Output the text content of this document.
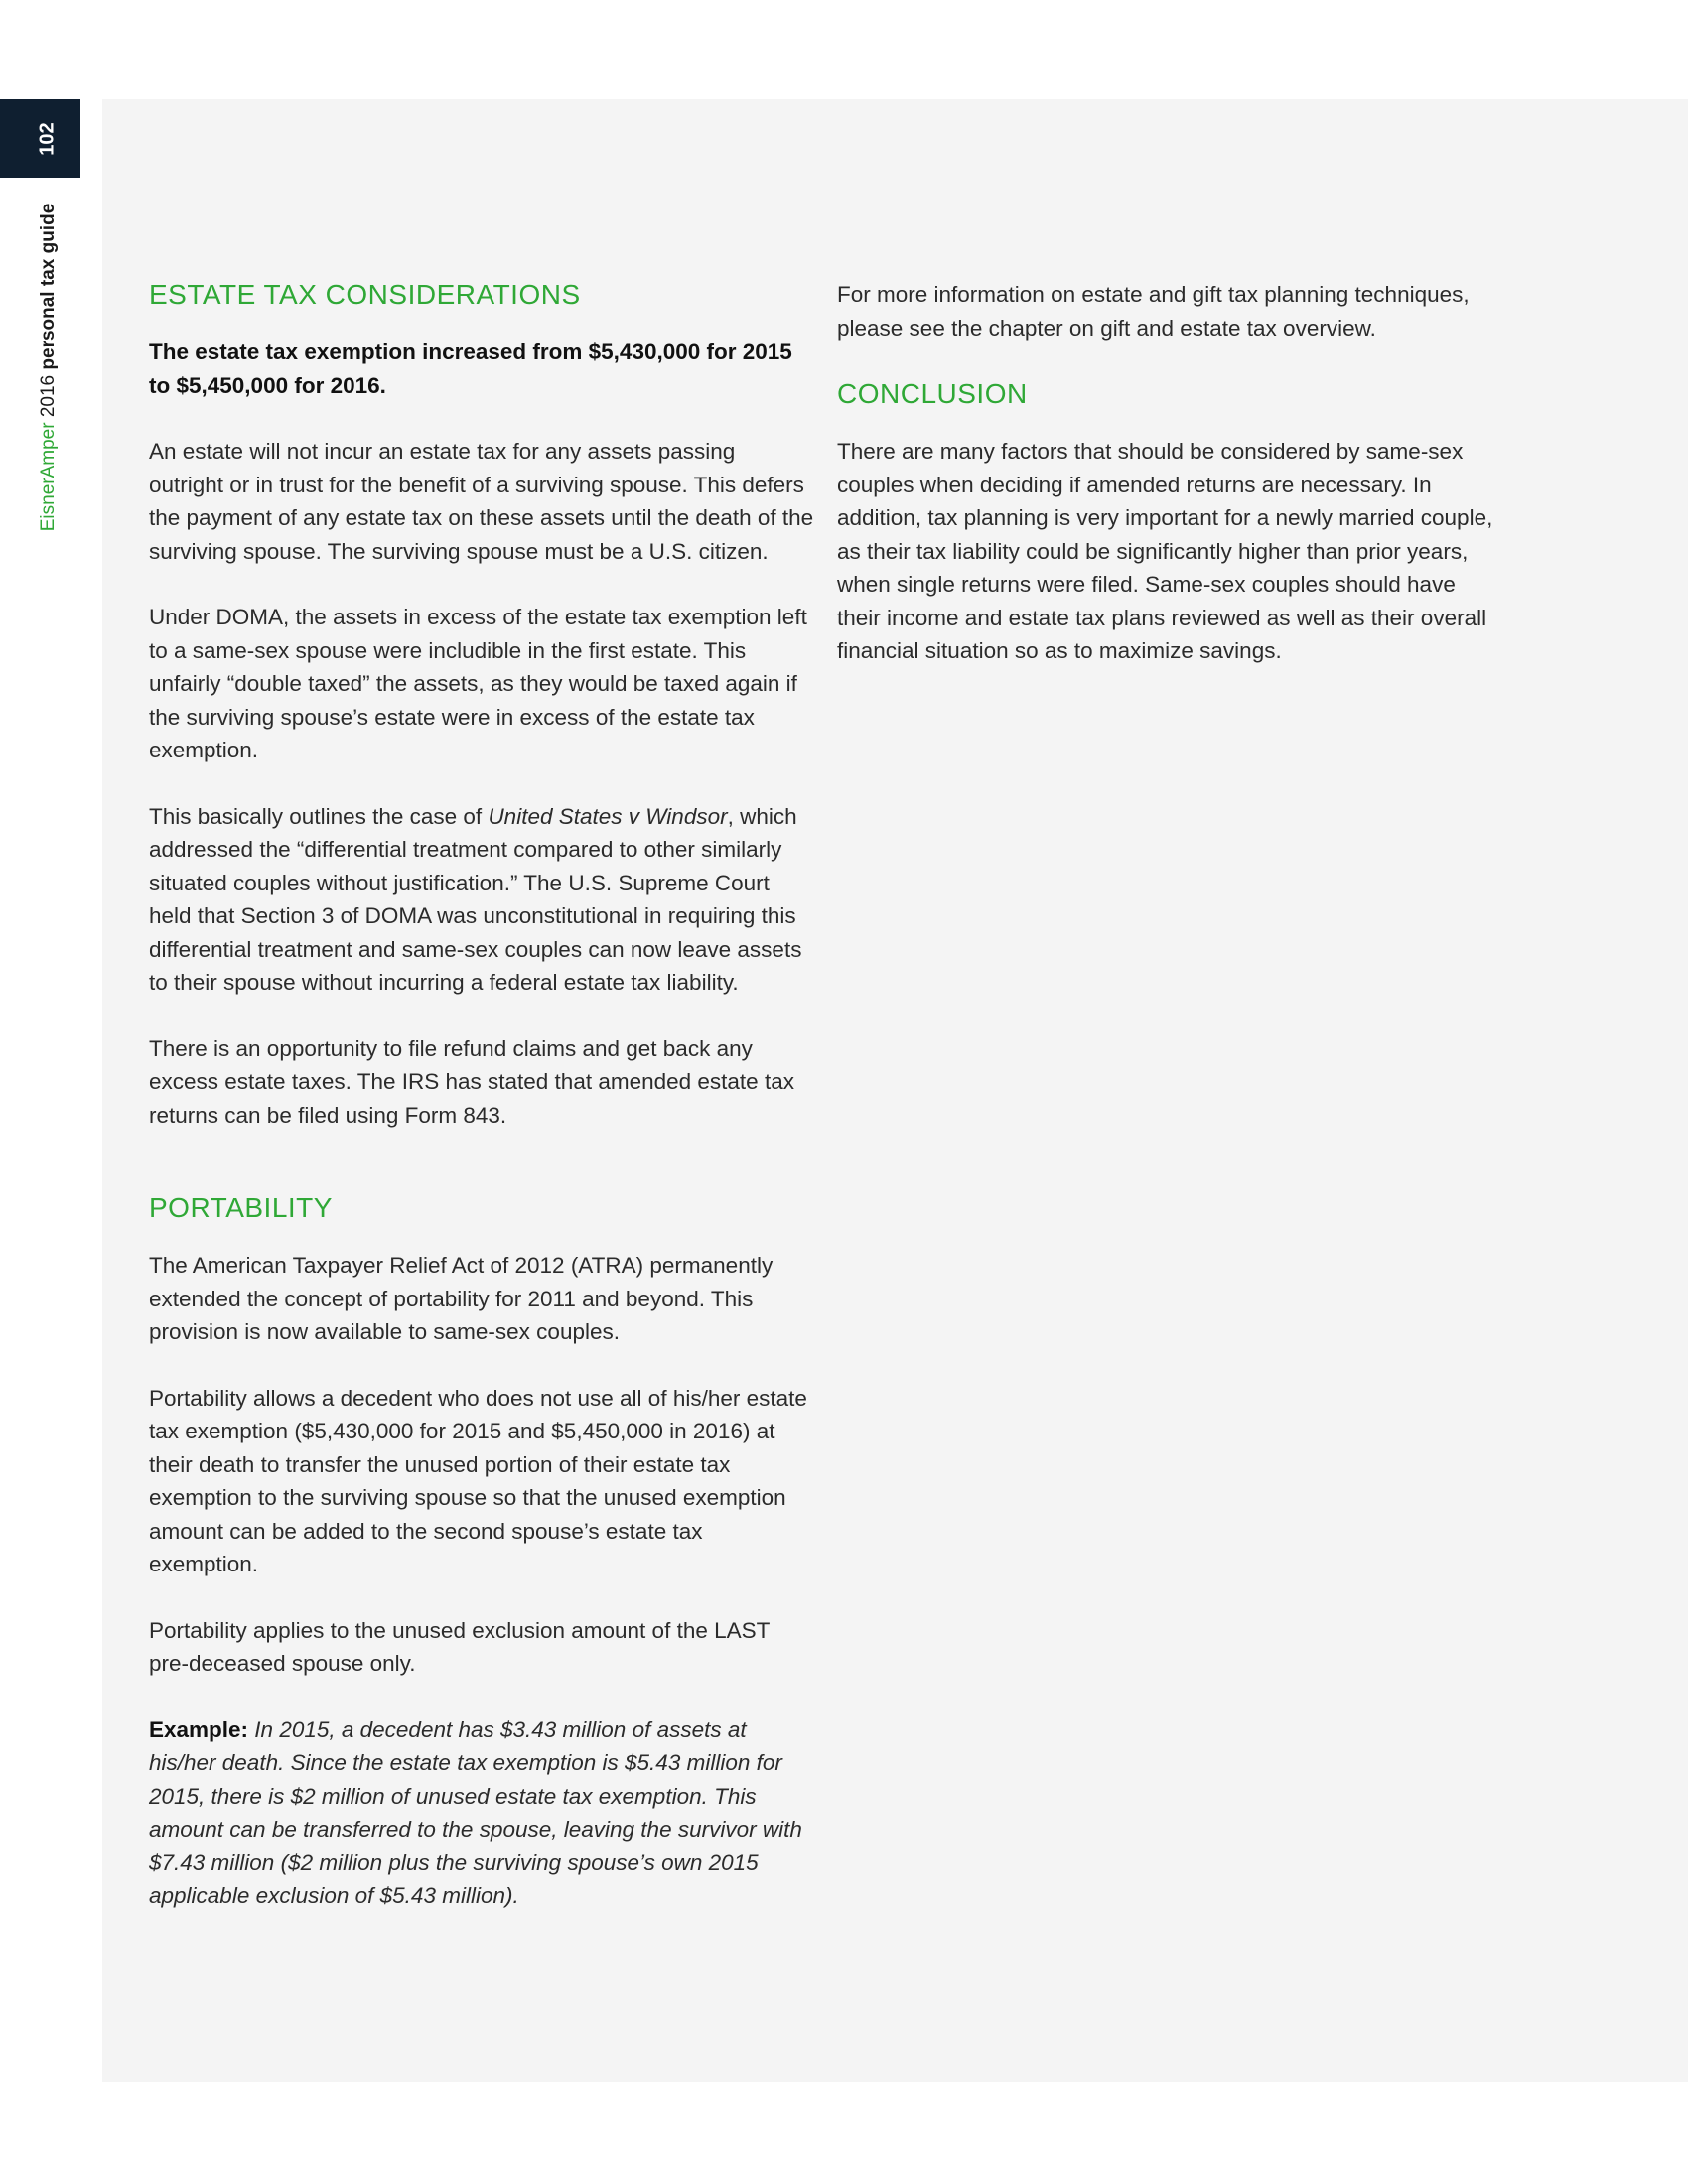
102
EisnerAmper 2016 personal tax guide	ESTATE TAX CONSIDERATIONS

The estate tax exemption increased from $5,430,000 for 2015 to $5,450,000 for 2016.

An estate will not incur an estate tax for any assets passing outright or in trust for the benefit of a surviving spouse. This defers the payment of any estate tax on these assets until the death of the surviving spouse. The surviving spouse must be a U.S. citizen.

Under DOMA, the assets in excess of the estate tax exemption left to a same-sex spouse were includible in the first estate. This unfairly “double taxed” the assets, as they would be taxed again if the surviving spouse’s estate were in excess of the estate tax exemption.

This basically outlines the case of United States v Windsor, which addressed the “differential treatment compared to other similarly situated couples without justification.” The U.S. Supreme Court held that Section 3 of DOMA was unconstitutional in requiring this differential treatment and same-sex couples can now leave assets to their spouse without incurring a federal estate tax liability.

There is an opportunity to file refund claims and get back any excess estate taxes. The IRS has stated that amended estate tax returns can be filed using Form 843.

PORTABILITY

The American Taxpayer Relief Act of 2012 (ATRA) permanently extended the concept of portability for 2011 and beyond. This provision is now available to same-sex couples.

Portability allows a decedent who does not use all of his/her estate tax exemption ($5,430,000 for 2015 and $5,450,000 in 2016) at their death to transfer the unused portion of their estate tax exemption to the surviving spouse so that the unused exemption amount can be added to the second spouse’s estate tax exemption.

Portability applies to the unused exclusion amount of the LAST pre-deceased spouse only.

Example: In 2015, a decedent has $3.43 million of assets at his/her death. Since the estate tax exemption is $5.43 million for 2015, there is $2 million of unused estate tax exemption. This amount can be transferred to the spouse, leaving the survivor with $7.43 million ($2 million plus the surviving spouse’s own 2015 applicable exclusion of $5.43 million).

For more information on estate and gift tax planning techniques, please see the chapter on gift and estate tax overview.

CONCLUSION

There are many factors that should be considered by same-sex couples when deciding if amended returns are necessary. In addition, tax planning is very important for a newly married couple, as their tax liability could be significantly higher than prior years, when single returns were filed. Same-sex couples should have their income and estate tax plans reviewed as well as their overall financial situation so as to maximize savings.
